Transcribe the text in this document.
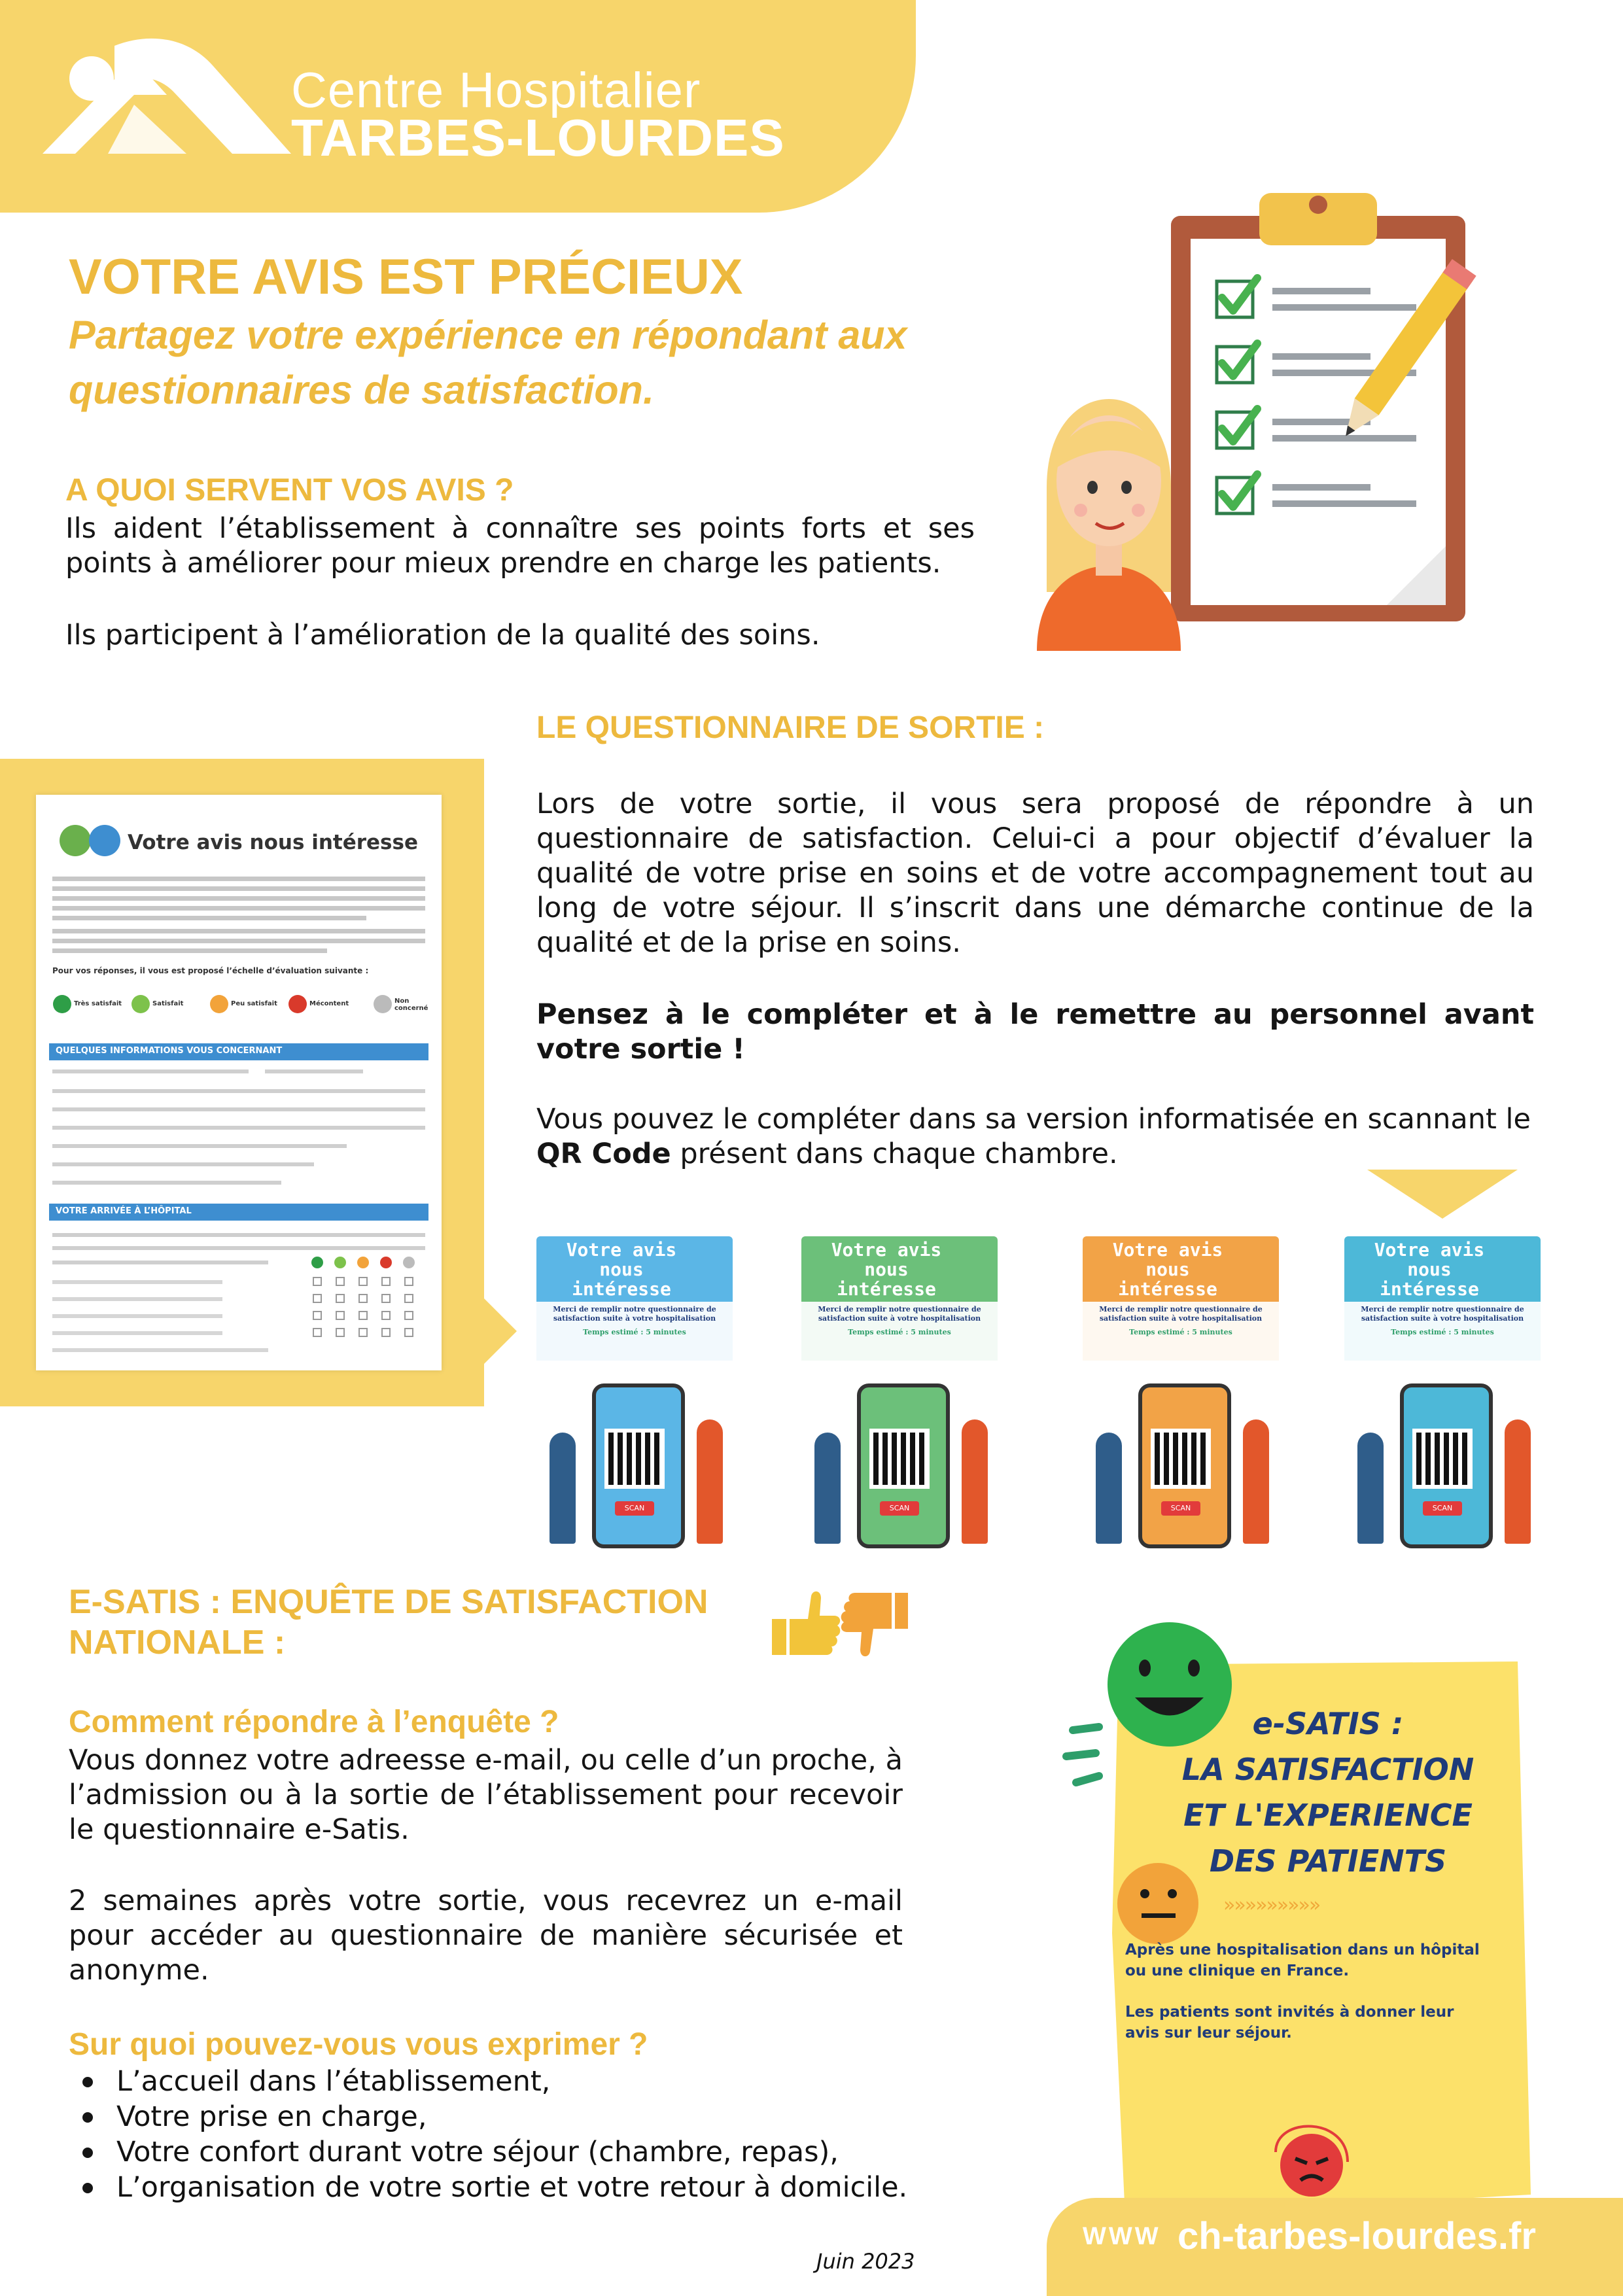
Centre Hospitalier
TARBES-LOURDES
VOTRE AVIS EST PRÉCIEUX
Partagez votre expérience en répondant aux questionnaires de satisfaction.
A QUOI SERVENT VOS AVIS ?
Ils aident l’établissement à connaître ses points forts et ses points à améliorer pour mieux prendre en charge les patients.
Ils participent à l’amélioration de la qualité des soins.
LE QUESTIONNAIRE DE SORTIE :
Votre avis nous intéresse
Pour vos réponses, il vous est proposé l’échelle d’évaluation suivante :
Très satisfait	Satisfait	Peu satisfait	Mécontent	Non concerné
QUELQUES INFORMATIONS VOUS CONCERNANT
VOTRE ARRIVÉE À L’HÔPITAL
Lors de votre sortie, il vous sera proposé de répondre à un questionnaire de satisfaction. Celui-ci a pour objectif d’évaluer la qualité de votre prise en soins et de votre accompagnement tout au long de votre séjour. Il s’inscrit dans une démarche continue de la qualité et de la prise en soins.
Pensez à le compléter et à le remettre au personnel avant votre sortie !
Vous pouvez le compléter dans sa version informatisée en scannant le QR Code présent dans chaque chambre.
Votre avis nous intéresse
Merci de remplir notre questionnaire de satisfaction suite à votre hospitalisation
Temps estimé : 5 minutes
SCAN
Votre avis nous intéresse
Merci de remplir notre questionnaire de satisfaction suite à votre hospitalisation
Temps estimé : 5 minutes
SCAN
Votre avis nous intéresse
Merci de remplir notre questionnaire de satisfaction suite à votre hospitalisation
Temps estimé : 5 minutes
SCAN
Votre avis nous intéresse
Merci de remplir notre questionnaire de satisfaction suite à votre hospitalisation
Temps estimé : 5 minutes
SCAN
E-SATIS : ENQUÊTE DE SATISFACTION NATIONALE :
Comment répondre à l’enquête ?
Vous donnez votre adreesse e-mail, ou celle d’un proche, à l’admission ou à la sortie de l’établissement pour recevoir le questionnaire e-Satis.
2 semaines après votre sortie, vous recevrez un e-mail pour accéder au questionnaire de manière sécurisée et anonyme.
Sur quoi pouvez-vous vous exprimer ?
L’accueil dans l’établissement,
Votre prise en charge,
Votre confort durant votre séjour (chambre, repas),
L’organisation de votre sortie et votre retour à domicile.
e-SATIS :
LA SATISFACTION
ET L'EXPERIENCE
DES PATIENTS
»»»»»»»»»
Après une hospitalisation dans un hôpital ou une clinique en France.
Les patients sont invités à donner leur avis sur leur séjour.
Juin 2023
WWW ch-tarbes-lourdes.fr
